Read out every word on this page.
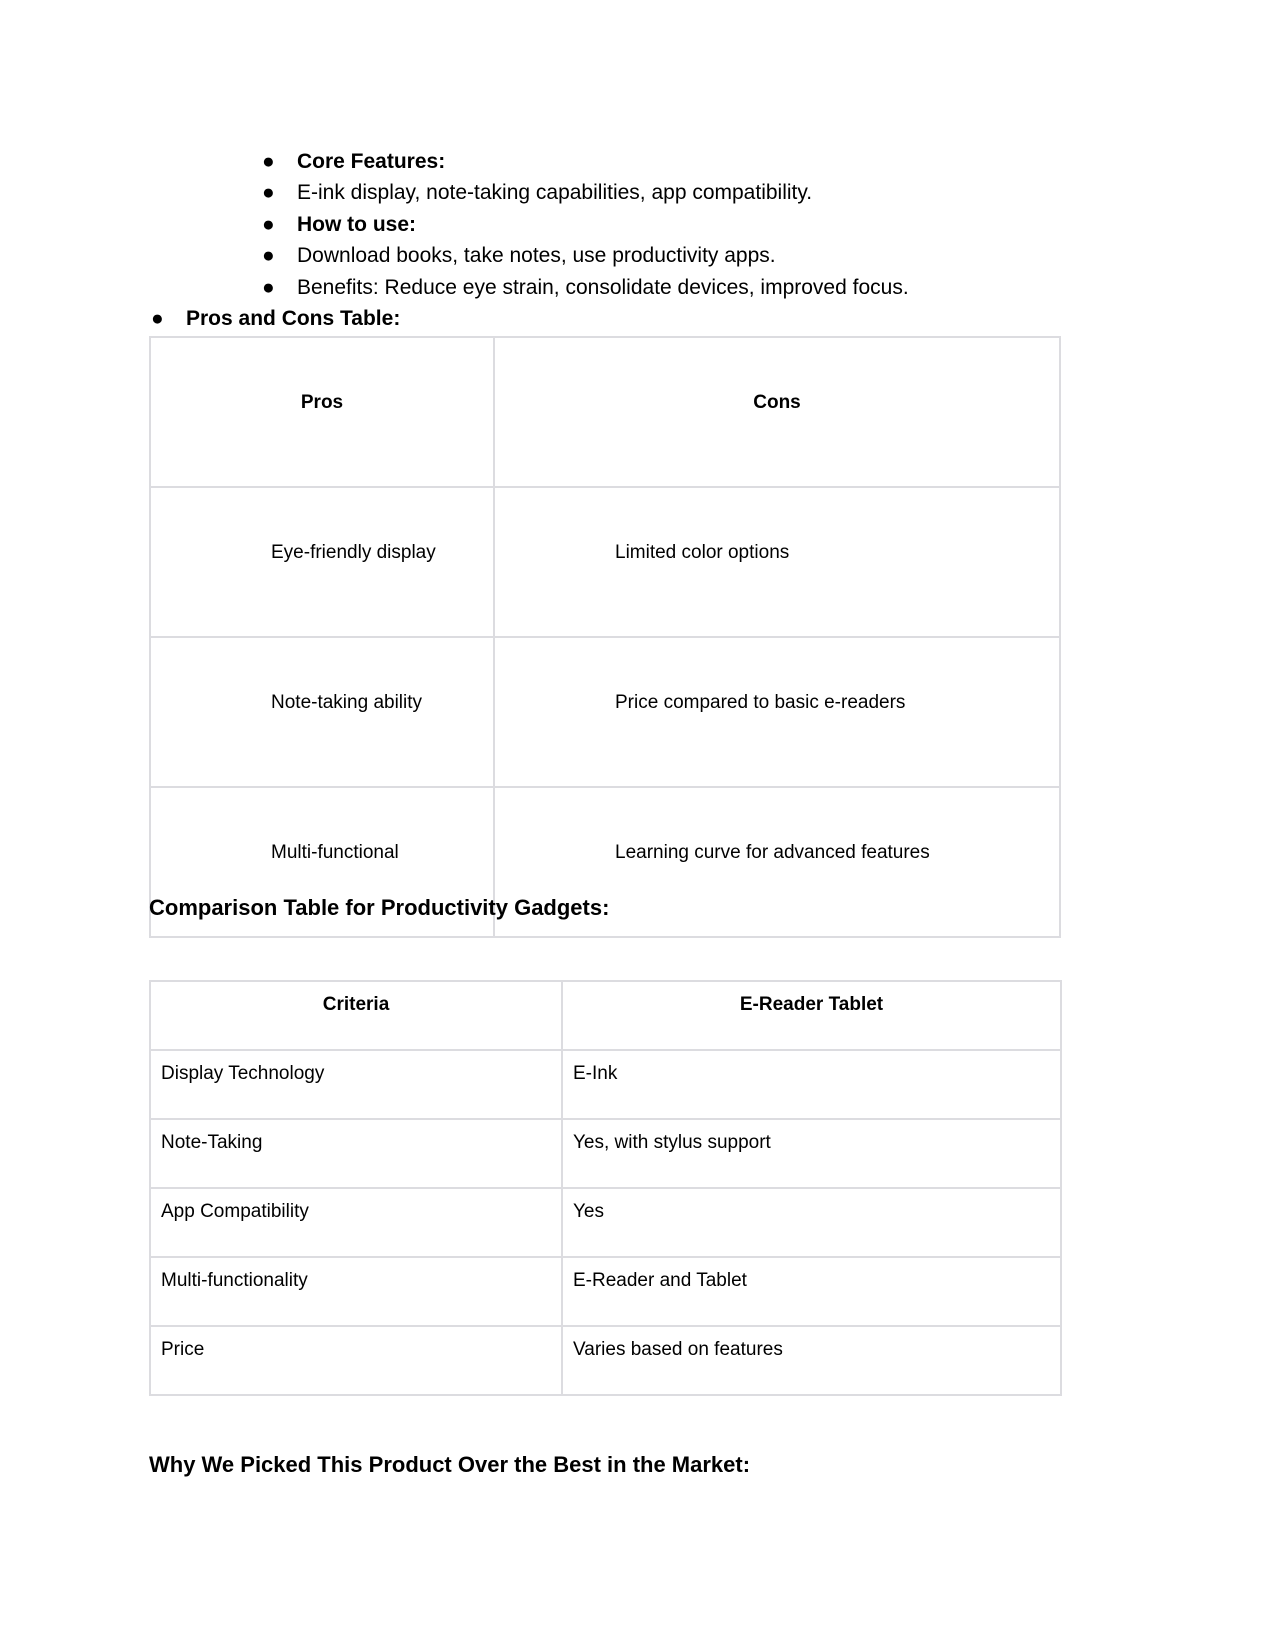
● Core Features:
● E-ink display, note-taking capabilities, app compatibility.
● How to use:
● Download books, take notes, use productivity apps.
● Benefits: Reduce eye strain, consolidate devices, improved focus.
● Pros and Cons Table:
Pros	Cons
Eye-friendly display	Limited color options
Note-taking ability	Price compared to basic e-readers
Multi-functional	Learning curve for advanced features
Comparison Table for Productivity Gadgets:
Criteria	E-Reader Tablet
Display Technology	E-Ink
Note-Taking	Yes, with stylus support
App Compatibility	Yes
Multi-functionality	E-Reader and Tablet
Price	Varies based on features
Why We Picked This Product Over the Best in the Market:
